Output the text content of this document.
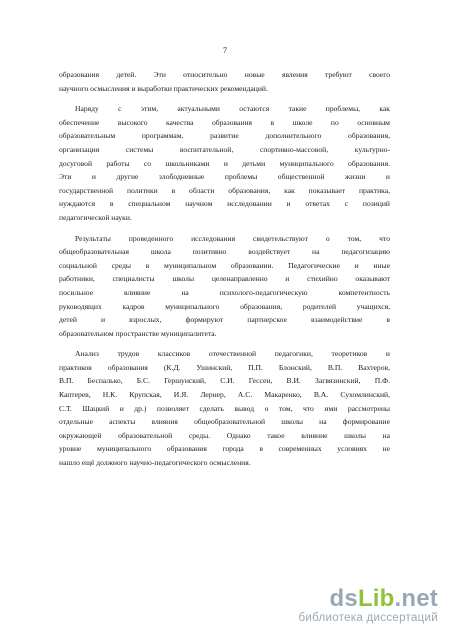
7

образования детей. Эти относительно новые явления требуют своего
научного осмысления и выработки практических рекомендаций.

Наряду с этим, актуальными остаются такие проблемы, как
обеспечение высокого качества образования в школе по основным
образовательным программам, развитие дополнительного образования,
организация системы воспитательной, спортивно-массовой, культурно-
досуговой работы со школьниками и детьми муниципального образования.
Эти и другие злободневные проблемы общественной жизни и
государственной политики в области образования, как показывает практика,
нуждаются в специальном научном исследовании и ответах с позиций
педагогической науки.

Результаты проведенного исследования свидетельствуют о том, что
общеобразовательная школа позитивно воздействует на педагогизацию
социальной среды в муниципальном образовании. Педагогические и иные
работники, специалисты школы целенаправленно и стихийно оказывают
посильное влияние на психолого-педагогическую компетентность
руководящих кадров муниципального образования, родителей учащихся,
детей и взрослых, формируют партнерское взаимодействие в
образовательном пространстве муниципалитета.

Анализ трудов классиков отечественной педагогики, теоретиков и
практиков образования (К.Д. Ушинский, П.П. Блонский, В.П. Вахтеров,
В.П. Беспалько, Б.С. Гершунский, С.И. Гессен, В.И. Загвязинский, П.Ф.
Каптерев, Н.К. Крупская, И.Я. Лернер, А.С. Макаренко, В.А. Сухомлинский,
С.Т. Шацкий и др.) позволяет сделать вывод о том, что ими рассмотрены
отдельные аспекты влияния общеобразовательной школы на формирование
окружающей образовательной среды. Однако такое влияние школы на
уровне муниципального образования города в современных условиях не
нашло ещё должного научно-педагогического осмысления.

dsLib.net
библиотека диссертаций
